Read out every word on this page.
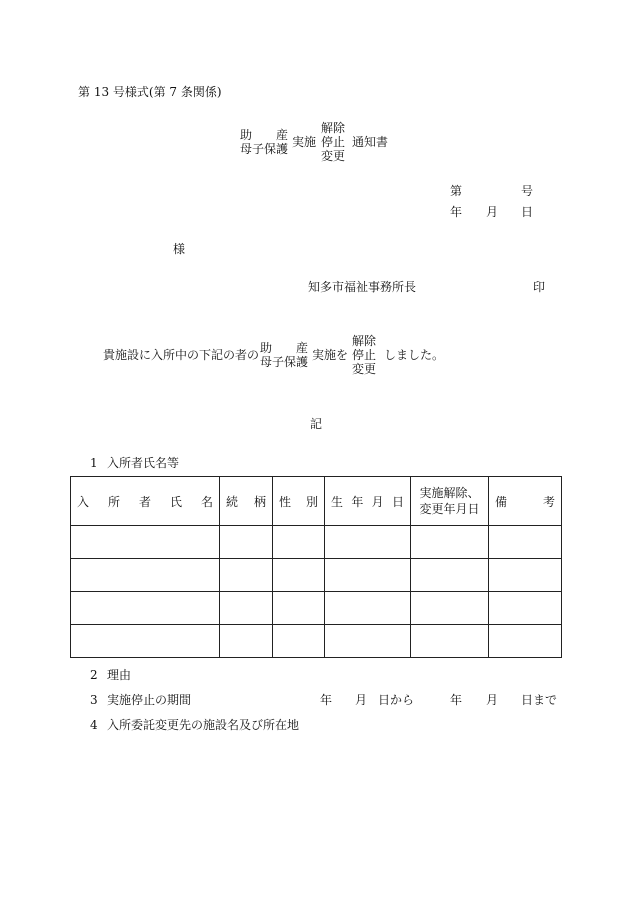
第 13 号様式(第 7 条関係)
助　　産
母子保護 実施
解除
停止
変更
通知書
第	号
年 月 日
様
知多市福祉事務所長	印
貴施設に入所中の下記の者の 助　　産
母子保護 実施を
解除
停止
変更
しました。
記
1 入所者氏名等
入 所 者 氏 名	続 柄	性 別	生 年 月 日	実施解除、
変更年月日	備 考

2 理由
3 実施停止の期間	年 月 日から	年 月 日まで
4 入所委託変更先の施設名及び所在地
